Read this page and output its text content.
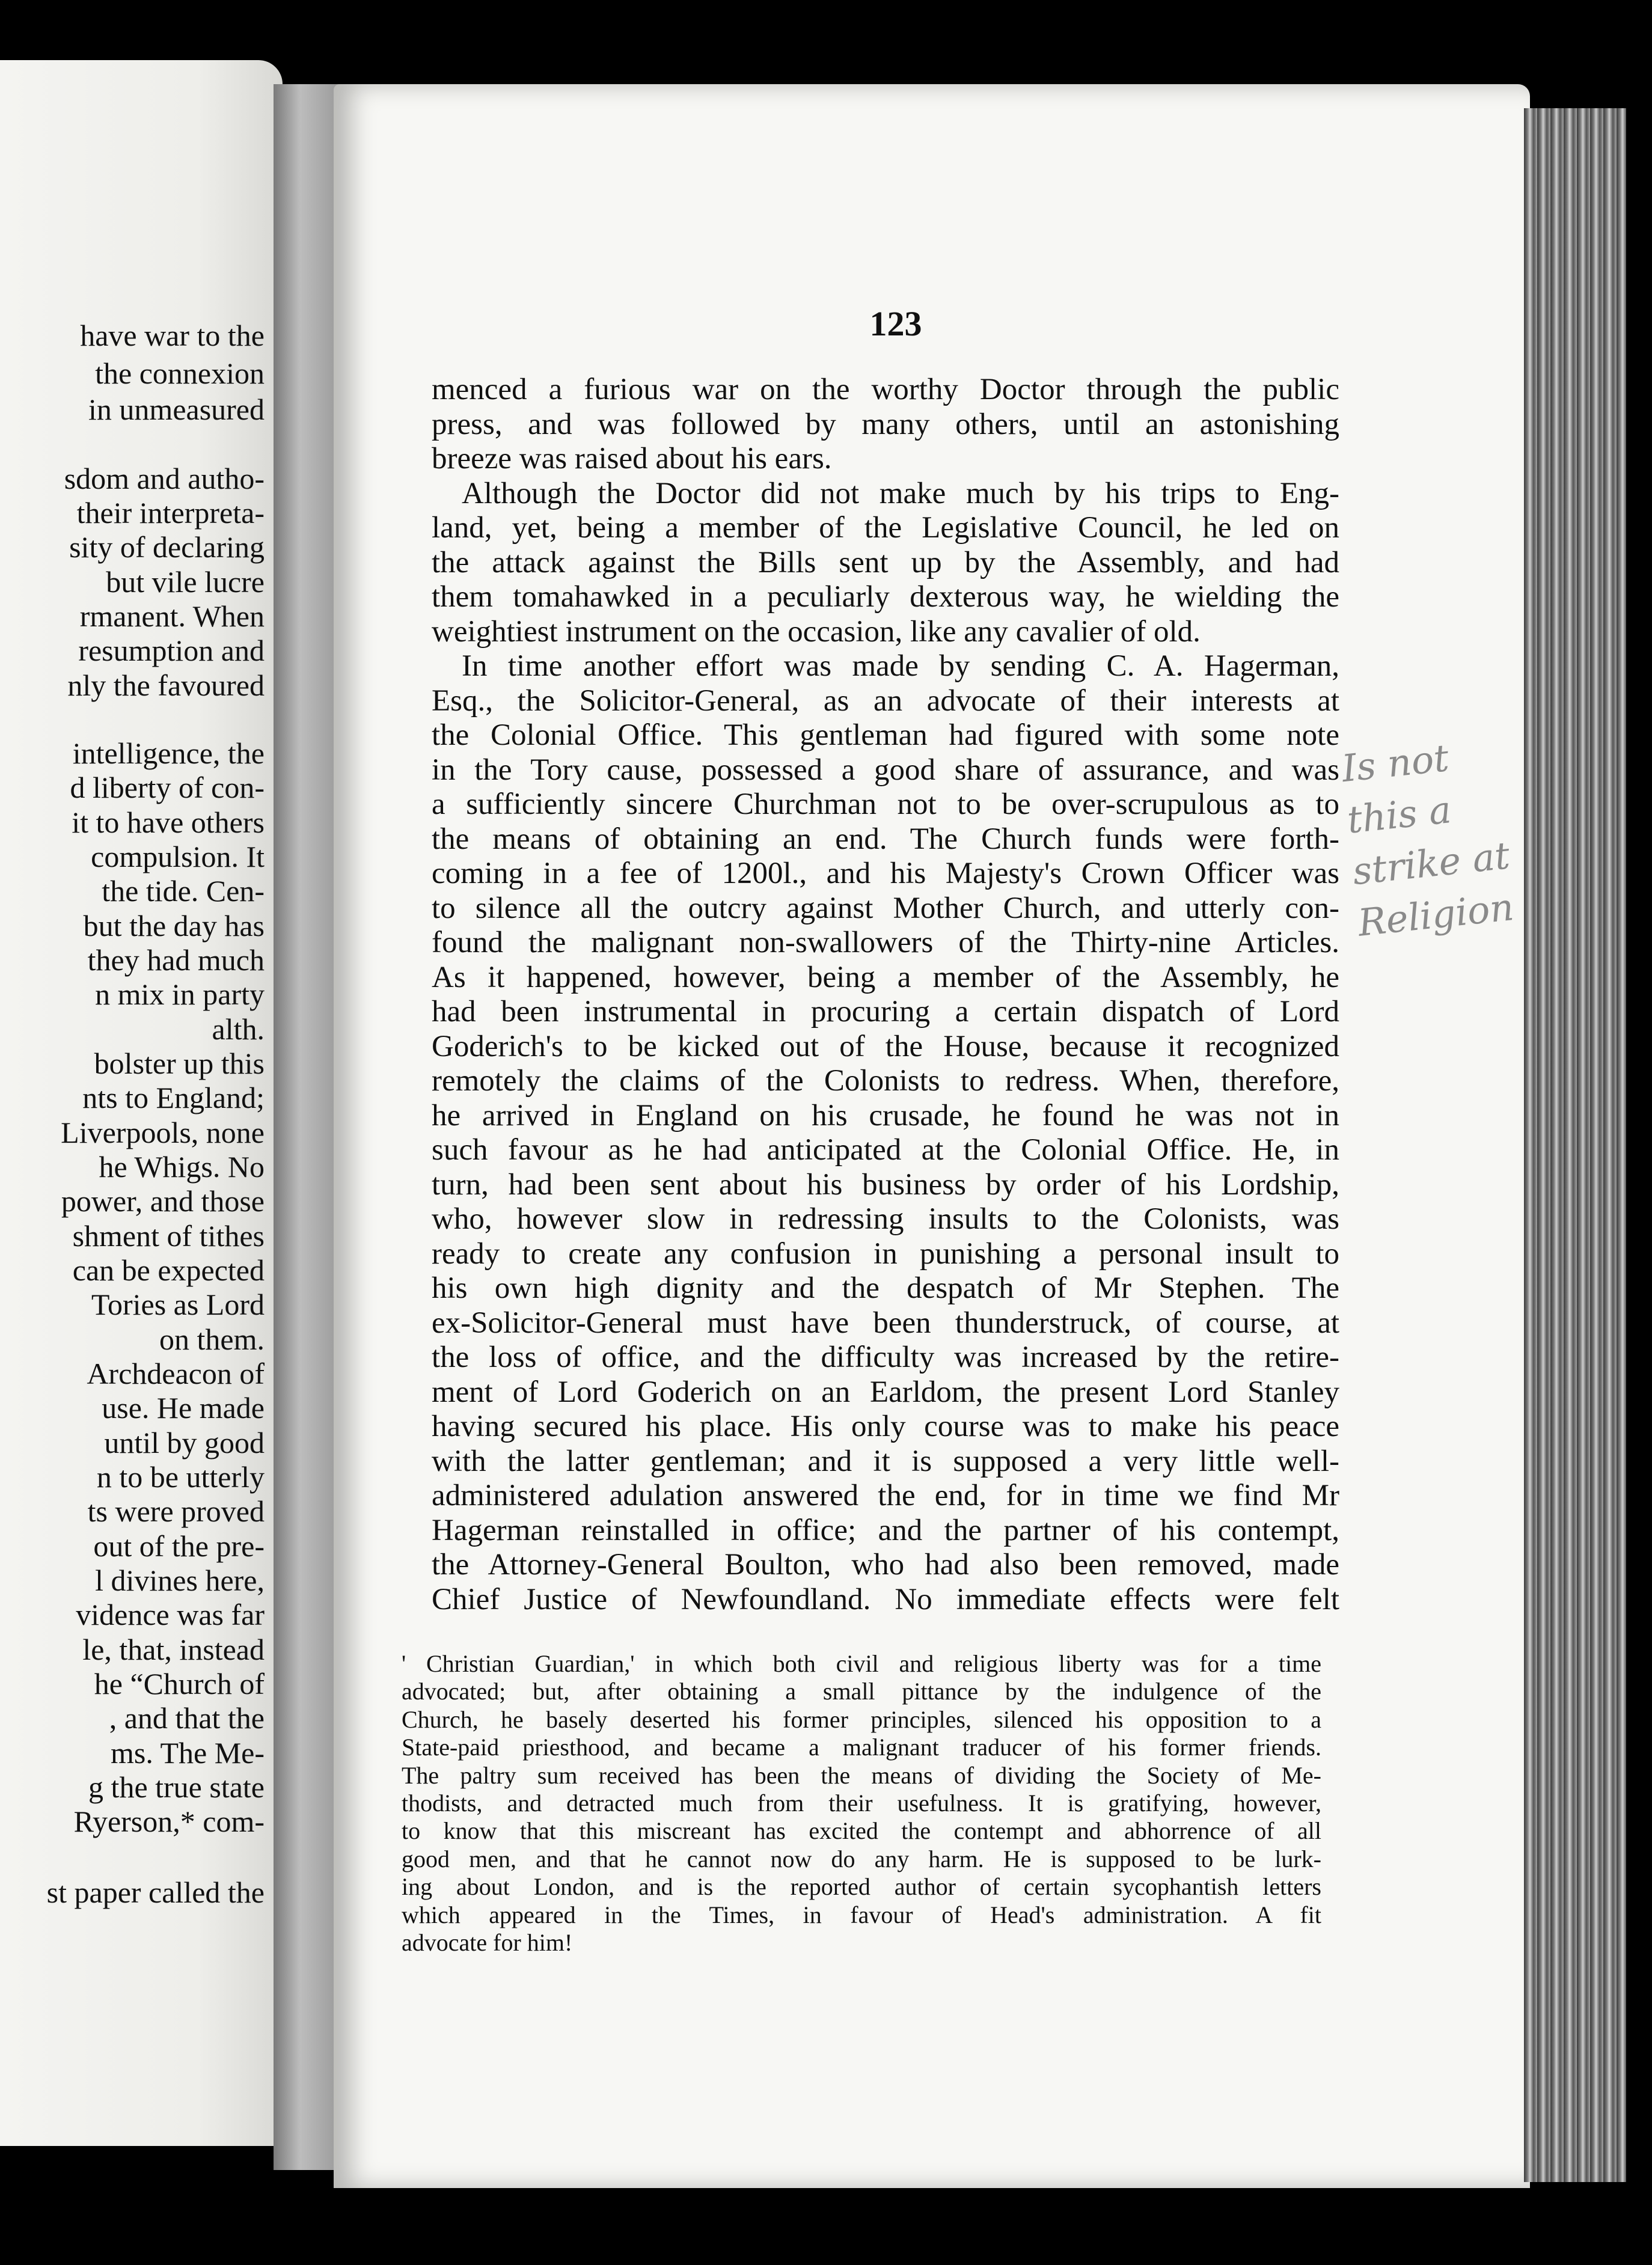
have war to the
the connexion
in unmeasured
sdom and autho-
their interpreta-
sity of declaring
but vile lucre
rmanent. When
resumption and
nly the favoured
intelligence, the
d liberty of con-
it to have others
compulsion. It
the tide. Cen-
but the day has
they had much
n mix in party
alth.
bolster up this
nts to England;
Liverpools, none
he Whigs. No
power, and those
shment of tithes
can be expected
Tories as Lord
on them.
Archdeacon of
use. He made
until by good
n to be utterly
ts were proved
out of the pre-
l divines here,
vidence was far
le, that, instead
he “Church of
, and that the
ms. The Me-
g the true state
Ryerson,* com-
st paper called the
123
menced a furious war on the worthy Doctor through the public
press, and was followed by many others, until an astonishing
breeze was raised about his ears.
Although the Doctor did not make much by his trips to Eng-
land, yet, being a member of the Legislative Council, he led on
the attack against the Bills sent up by the Assembly, and had
them tomahawked in a peculiarly dexterous way, he wielding the
weightiest instrument on the occasion, like any cavalier of old.
In time another effort was made by sending C. A. Hagerman,
Esq., the Solicitor-General, as an advocate of their interests at
the Colonial Office. This gentleman had figured with some note
in the Tory cause, possessed a good share of assurance, and was
a sufficiently sincere Churchman not to be over-scrupulous as to
the means of obtaining an end. The Church funds were forth-
coming in a fee of 1200l., and his Majesty's Crown Officer was
to silence all the outcry against Mother Church, and utterly con-
found the malignant non-swallowers of the Thirty-nine Articles.
As it happened, however, being a member of the Assembly, he
had been instrumental in procuring a certain dispatch of Lord
Goderich's to be kicked out of the House, because it recognized
remotely the claims of the Colonists to redress. When, therefore,
he arrived in England on his crusade, he found he was not in
such favour as he had anticipated at the Colonial Office. He, in
turn, had been sent about his business by order of his Lordship,
who, however slow in redressing insults to the Colonists, was
ready to create any confusion in punishing a personal insult to
his own high dignity and the despatch of Mr Stephen. The
ex-Solicitor-General must have been thunderstruck, of course, at
the loss of office, and the difficulty was increased by the retire-
ment of Lord Goderich on an Earldom, the present Lord Stanley
having secured his place. His only course was to make his peace
with the latter gentleman; and it is supposed a very little well-
administered adulation answered the end, for in time we find Mr
Hagerman reinstalled in office; and the partner of his contempt,
the Attorney-General Boulton, who had also been removed, made
Chief Justice of Newfoundland. No immediate effects were felt
' Christian Guardian,' in which both civil and religious liberty was for a time
advocated; but, after obtaining a small pittance by the indulgence of the
Church, he basely deserted his former principles, silenced his opposition to a
State-paid priesthood, and became a malignant traducer of his former friends.
The paltry sum received has been the means of dividing the Society of Me-
thodists, and detracted much from their usefulness. It is gratifying, however,
to know that this miscreant has excited the contempt and abhorrence of all
good men, and that he cannot now do any harm. He is supposed to be lurk-
ing about London, and is the reported author of certain sycophantish letters
which appeared in the Times, in favour of Head's administration. A fit
advocate for him!
Is not
this a
strike at
Religion
